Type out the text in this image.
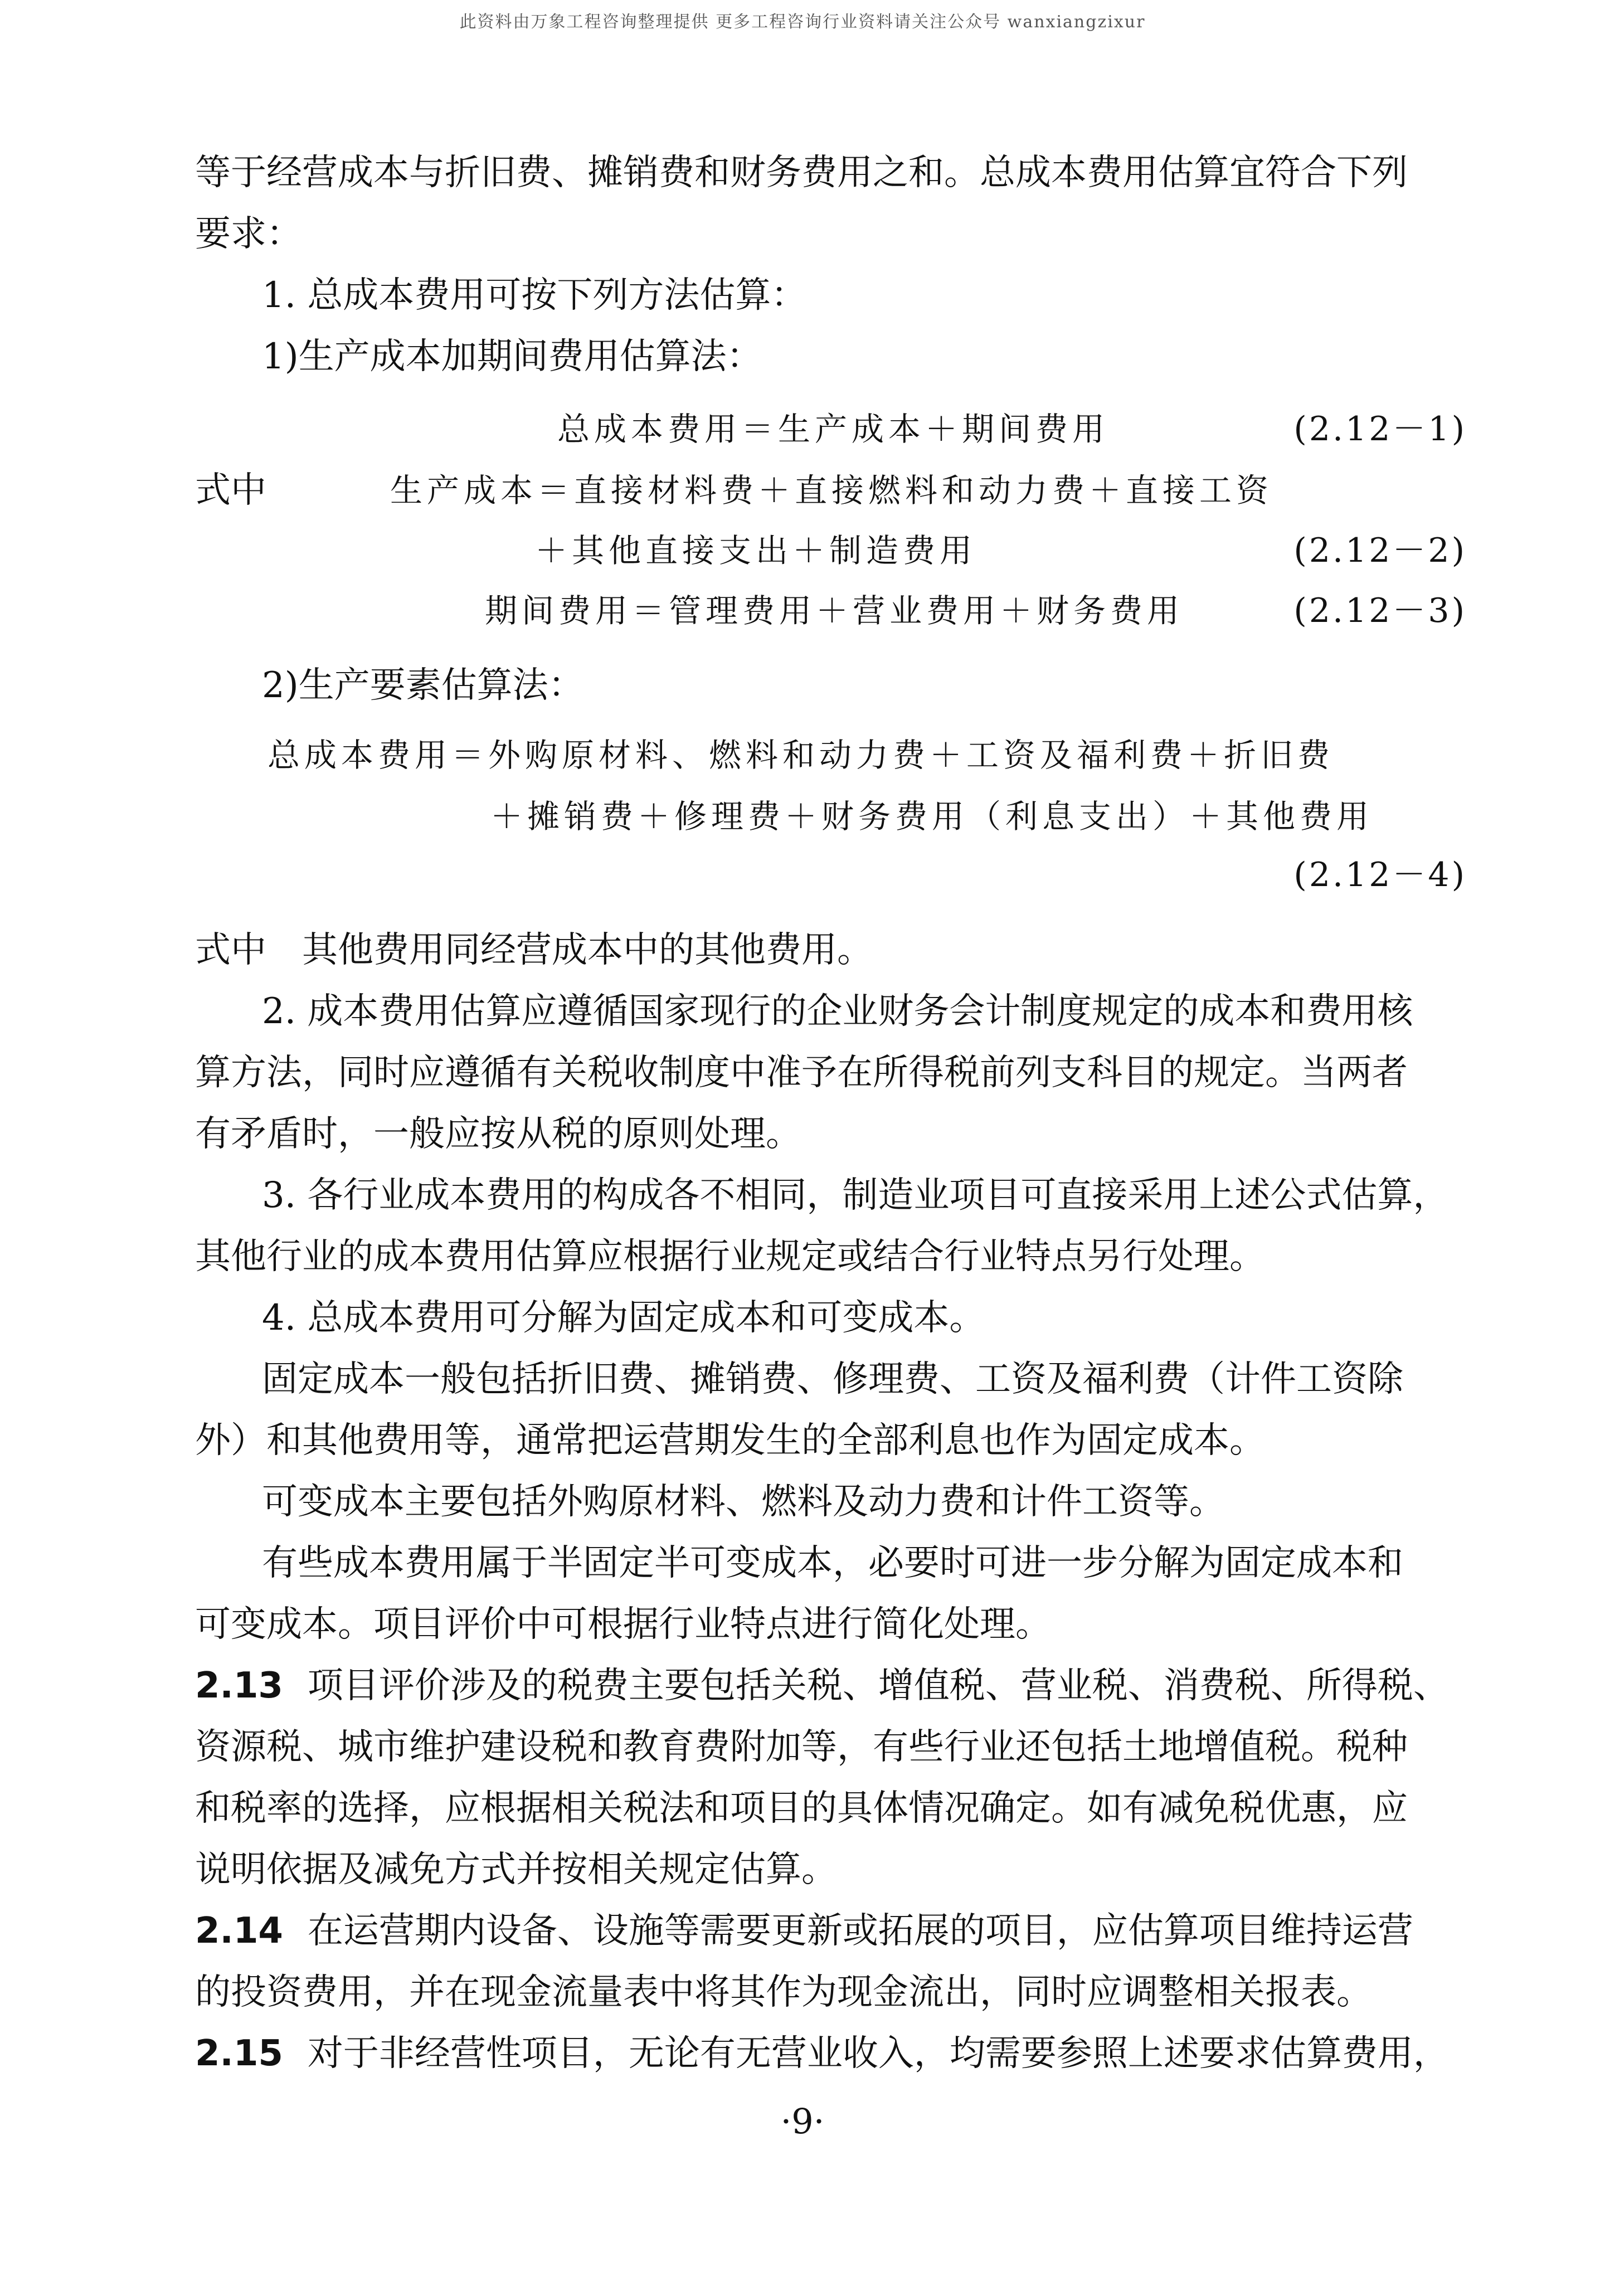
此资料由万象工程咨询整理提供 更多工程咨询行业资料请关注公众号 wanxiangzixur
等于经营成本与折旧费、摊销费和财务费用之和。总成本费用估算宜符合下列
要求：
1. 总成本费用可按下列方法估算：
1)生产成本加期间费用估算法：
总成本费用＝生产成本＋期间费用	(2.12－1)
式中	生产成本＝直接材料费＋直接燃料和动力费＋直接工资
＋其他直接支出＋制造费用	(2.12－2)
期间费用＝管理费用＋营业费用＋财务费用	(2.12－3)
2)生产要素估算法：
总成本费用＝外购原材料、燃料和动力费＋工资及福利费＋折旧费
＋摊销费＋修理费＋财务费用（利息支出）＋其他费用
(2.12－4)
式中　其他费用同经营成本中的其他费用。
2. 成本费用估算应遵循国家现行的企业财务会计制度规定的成本和费用核
算方法，同时应遵循有关税收制度中准予在所得税前列支科目的规定。当两者
有矛盾时，一般应按从税的原则处理。
3. 各行业成本费用的构成各不相同，制造业项目可直接采用上述公式估算，
其他行业的成本费用估算应根据行业规定或结合行业特点另行处理。
4. 总成本费用可分解为固定成本和可变成本。
固定成本一般包括折旧费、摊销费、修理费、工资及福利费（计件工资除
外）和其他费用等，通常把运营期发生的全部利息也作为固定成本。
可变成本主要包括外购原材料、燃料及动力费和计件工资等。
有些成本费用属于半固定半可变成本，必要时可进一步分解为固定成本和
可变成本。项目评价中可根据行业特点进行简化处理。
2.13 项目评价涉及的税费主要包括关税、增值税、营业税、消费税、所得税、
资源税、城市维护建设税和教育费附加等，有些行业还包括土地增值税。税种
和税率的选择，应根据相关税法和项目的具体情况确定。如有减免税优惠，应
说明依据及减免方式并按相关规定估算。
2.14 在运营期内设备、设施等需要更新或拓展的项目，应估算项目维持运营
的投资费用，并在现金流量表中将其作为现金流出，同时应调整相关报表。
2.15 对于非经营性项目，无论有无营业收入，均需要参照上述要求估算费用，
·9·
